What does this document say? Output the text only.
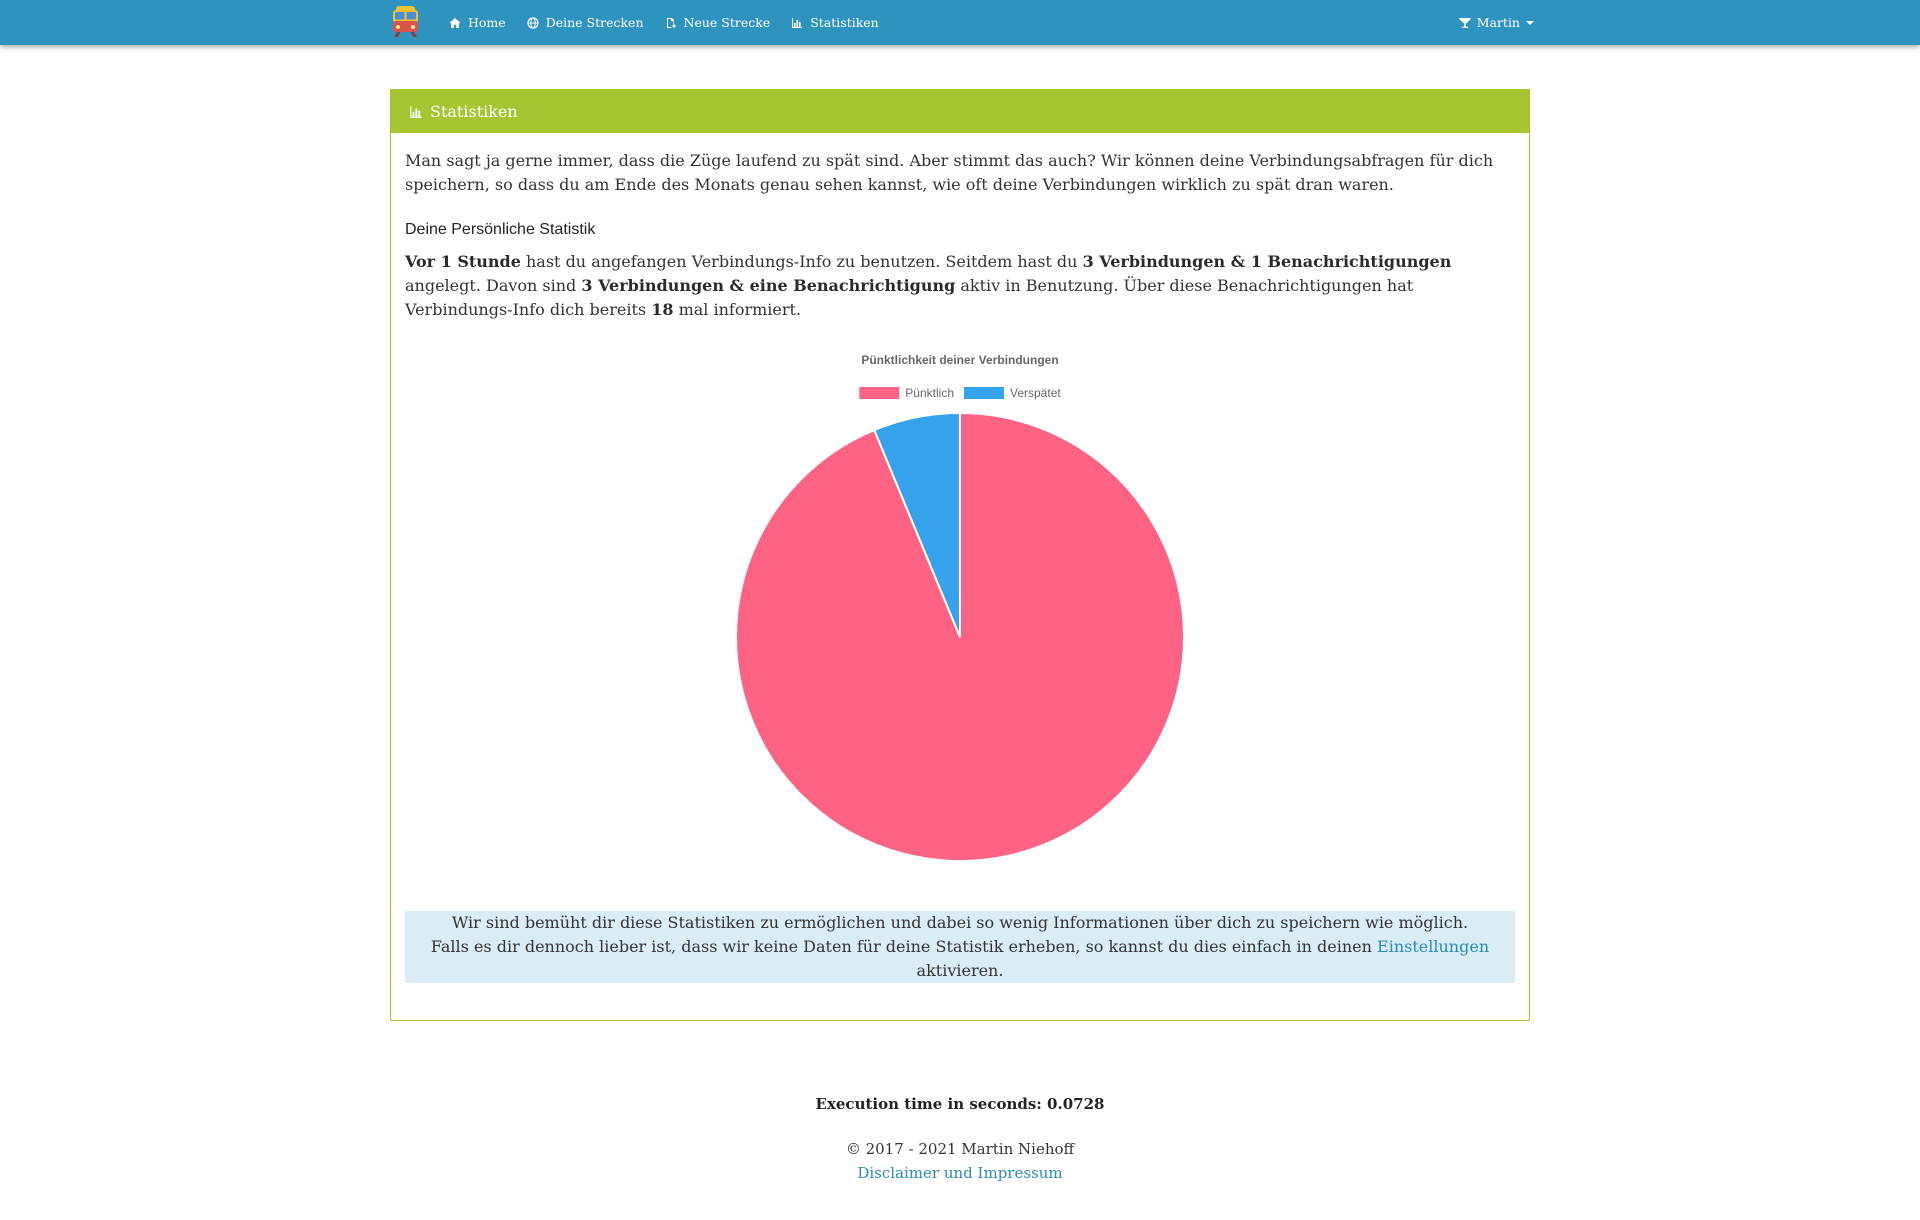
Home	Deine Strecken	Neue Strecke	Statistiken	Martin
Statistiken

Man sagt ja gerne immer, dass die Züge laufend zu spät sind. Aber stimmt das auch? Wir können deine Verbindungsabfragen für dich speichern, so dass du am Ende des Monats genau sehen kannst, wie oft deine Verbindungen wirklich zu spät dran waren.

Deine Persönliche Statistik

Vor 1 Stunde hast du angefangen Verbindungs-Info zu benutzen. Seitdem hast du 3 Verbindungen & 1 Benachrichtigungen angelegt. Davon sind 3 Verbindungen & eine Benachrichtigung aktiv in Benutzung. Über diese Benachrichtigungen hat Verbindungs-Info dich bereits 18 mal informiert.

Pünktlichkeit deiner Verbindungen
Pünktlich	Verspätet

Wir sind bemüht dir diese Statistiken zu ermöglichen und dabei so wenig Informationen über dich zu speichern wie möglich.
Falls es dir dennoch lieber ist, dass wir keine Daten für deine Statistik erheben, so kannst du dies einfach in deinen Einstellungen aktivieren.

Execution time in seconds: 0.0728

© 2017 - 2021 Martin Niehoff

Disclaimer und Impressum
